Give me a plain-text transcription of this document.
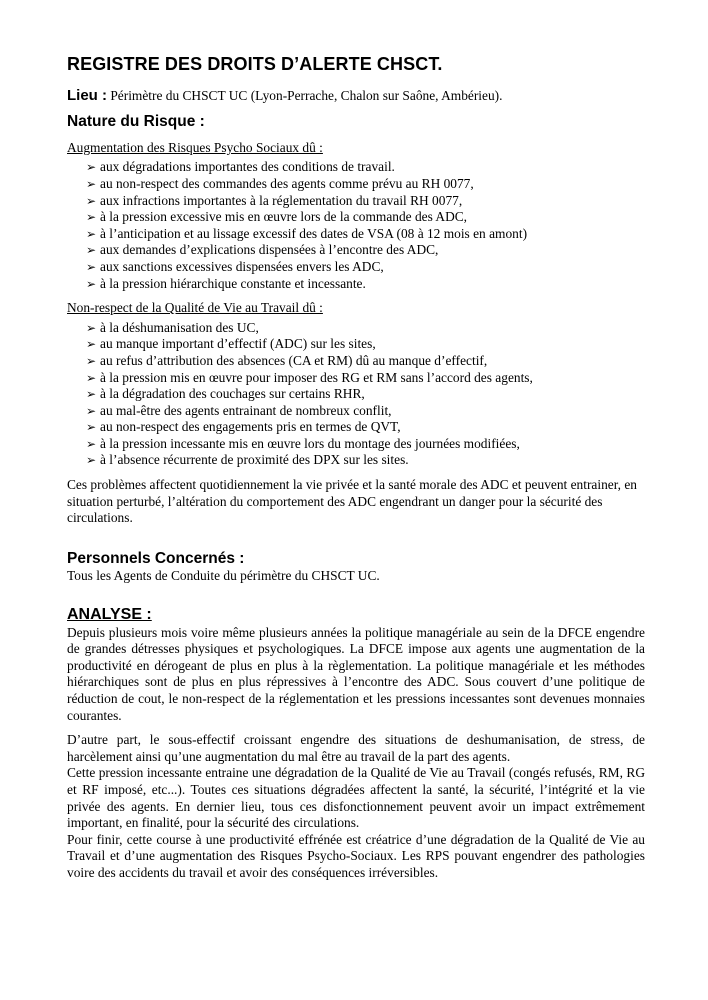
REGISTRE DES DROITS D’ALERTE CHSCT.

Lieu : Périmètre du CHSCT UC (Lyon-Perrache, Chalon sur Saône, Ambérieu).

Nature du Risque :

Augmentation des Risques Psycho Sociaux dû :

➢ aux dégradations importantes des conditions de travail.
➢ au non-respect des commandes des agents comme prévu au RH 0077,
➢ aux infractions importantes à la réglementation du travail RH 0077,
➢ à la pression excessive mis en œuvre lors de la commande des ADC,
➢ à l’anticipation et au lissage excessif des dates de VSA (08 à 12 mois en amont)
➢ aux demandes d’explications dispensées à l’encontre des ADC,
➢ aux sanctions excessives dispensées envers les ADC,
➢ à la pression hiérarchique constante et incessante.

Non-respect de la Qualité de Vie au Travail dû :

➢ à la déshumanisation des UC,
➢ au manque important d’effectif (ADC) sur les sites,
➢ au refus d’attribution des absences (CA et RM) dû au manque d’effectif,
➢ à la pression mis en œuvre pour imposer des RG et RM sans l’accord des agents,
➢ à la dégradation des couchages sur certains RHR,
➢ au mal-être des agents entrainant de nombreux conflit,
➢ au non-respect des engagements pris en termes de QVT,
➢ à la pression incessante mis en œuvre lors du montage des journées modifiées,
➢ à l’absence récurrente de proximité des DPX sur les sites.

Ces problèmes affectent quotidiennement la vie privée et la santé morale des ADC et peuvent entrainer, en situation perturbé, l’altération du comportement des ADC engendrant un danger pour la sécurité des circulations.

Personnels Concernés :

Tous les Agents de Conduite du périmètre du CHSCT UC.

ANALYSE :

Depuis plusieurs mois voire même plusieurs années la politique managériale au sein de la DFCE engendre de grandes détresses physiques et psychologiques. La DFCE impose aux agents une augmentation de la productivité en dérogeant de plus en plus à la règlementation. La politique managériale et les méthodes hiérarchiques sont de plus en plus répressives à l’encontre des ADC. Sous couvert d’une politique de réduction de cout, le non-respect de la réglementation et les pressions incessantes sont devenues monnaies courantes.

D’autre part, le sous-effectif croissant engendre des situations de deshumanisation, de stress, de harcèlement ainsi qu’une augmentation du mal être au travail de la part des agents.

Cette pression incessante entraine une dégradation de la Qualité de Vie au Travail (congés refusés, RM, RG et RF imposé, etc...). Toutes ces situations dégradées affectent la santé, la sécurité, l’intégrité et la vie privée des agents. En dernier lieu, tous ces disfonctionnement peuvent avoir un impact extrêmement important, en finalité, pour la sécurité des circulations.

Pour finir, cette course à une productivité effrénée est créatrice d’une dégradation de la Qualité de Vie au Travail et d’une augmentation des Risques Psycho-Sociaux. Les RPS pouvant engendrer des pathologies voire des accidents du travail et avoir des conséquences irréversibles.
